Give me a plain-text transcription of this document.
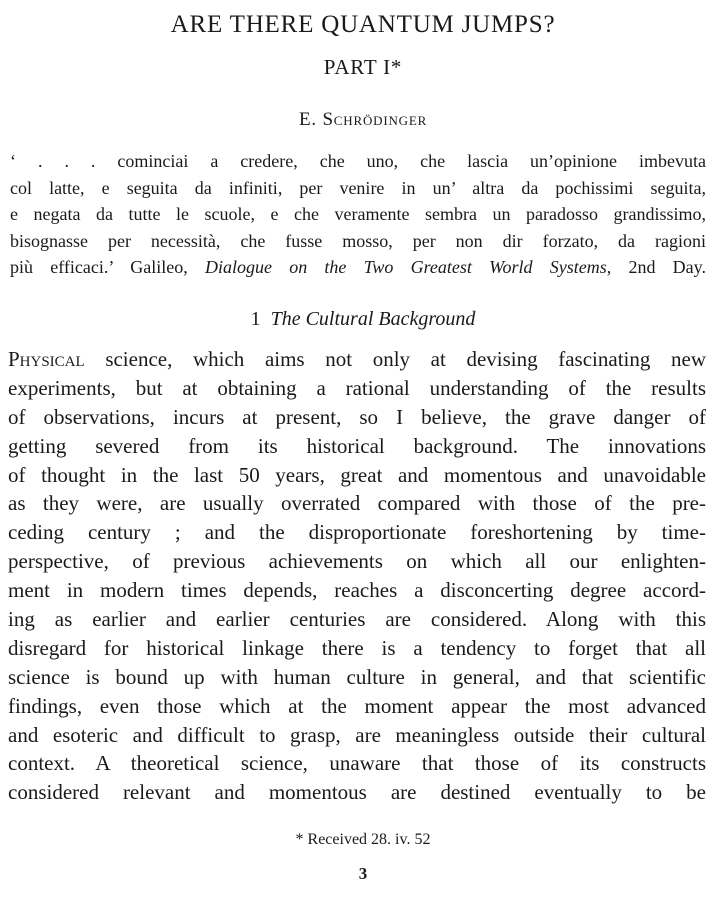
ARE THERE QUANTUM JUMPS?
PART I*
E. Schrödinger
‘ . . . cominciai a credere, che uno, che lascia un’opinione imbevuta
col latte, e seguita da infiniti, per venire in un’ altra da pochissimi seguita,
e negata da tutte le scuole, e che veramente sembra un paradosso grandissimo,
bisognasse per necessità, che fusse mosso, per non dir forzato, da ragioni
più efficaci.’ Galileo, Dialogue on the Two Greatest World Systems, 2nd Day.
1 The Cultural Background
Physical science, which aims not only at devising fascinating new
experiments, but at obtaining a rational understanding of the results
of observations, incurs at present, so I believe, the grave danger of
getting severed from its historical background. The innovations
of thought in the last 50 years, great and momentous and unavoidable
as they were, are usually overrated compared with those of the pre-
ceding century ; and the disproportionate foreshortening by time-
perspective, of previous achievements on which all our enlighten-
ment in modern times depends, reaches a disconcerting degree accord-
ing as earlier and earlier centuries are considered. Along with this
disregard for historical linkage there is a tendency to forget that all
science is bound up with human culture in general, and that scientific
findings, even those which at the moment appear the most advanced
and esoteric and difficult to grasp, are meaningless outside their cultural
context. A theoretical science, unaware that those of its constructs
considered relevant and momentous are destined eventually to be
* Received 28. iv. 52
3
